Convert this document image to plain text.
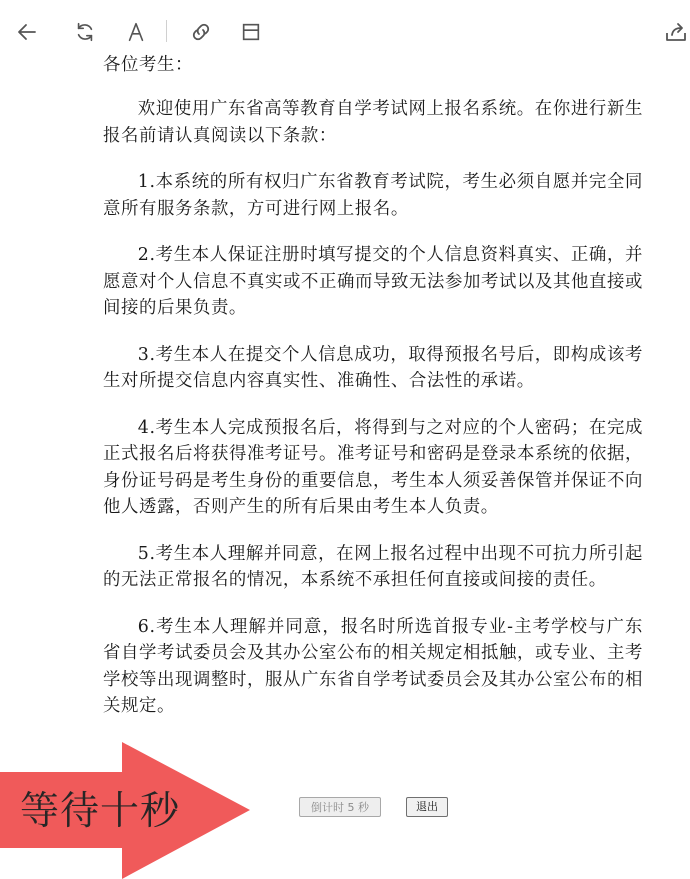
各位考生：

欢迎使用广东省高等教育自学考试网上报名系统。在你进行新生报名前请认真阅读以下条款：

1.本系统的所有权归广东省教育考试院，考生必须自愿并完全同意所有服务条款，方可进行网上报名。

2.考生本人保证注册时填写提交的个人信息资料真实、正确，并愿意对个人信息不真实或不正确而导致无法参加考试以及其他直接或间接的后果负责。

3.考生本人在提交个人信息成功，取得预报名号后，即构成该考生对所提交信息内容真实性、准确性、合法性的承诺。

4.考生本人完成预报名后，将得到与之对应的个人密码；在完成正式报名后将获得准考证号。准考证号和密码是登录本系统的依据，身份证号码是考生身份的重要信息，考生本人须妥善保管并保证不向他人透露，否则产生的所有后果由考生本人负责。

5.考生本人理解并同意，在网上报名过程中出现不可抗力所引起的无法正常报名的情况，本系统不承担任何直接或间接的责任。

6.考生本人理解并同意，报名时所选首报专业-主考学校与广东省自学考试委员会及其办公室公布的相关规定相抵触，或专业、主考学校等出现调整时，服从广东省自学考试委员会及其办公室公布的相关规定。

倒计时 5 秒	退出
等待十秒
